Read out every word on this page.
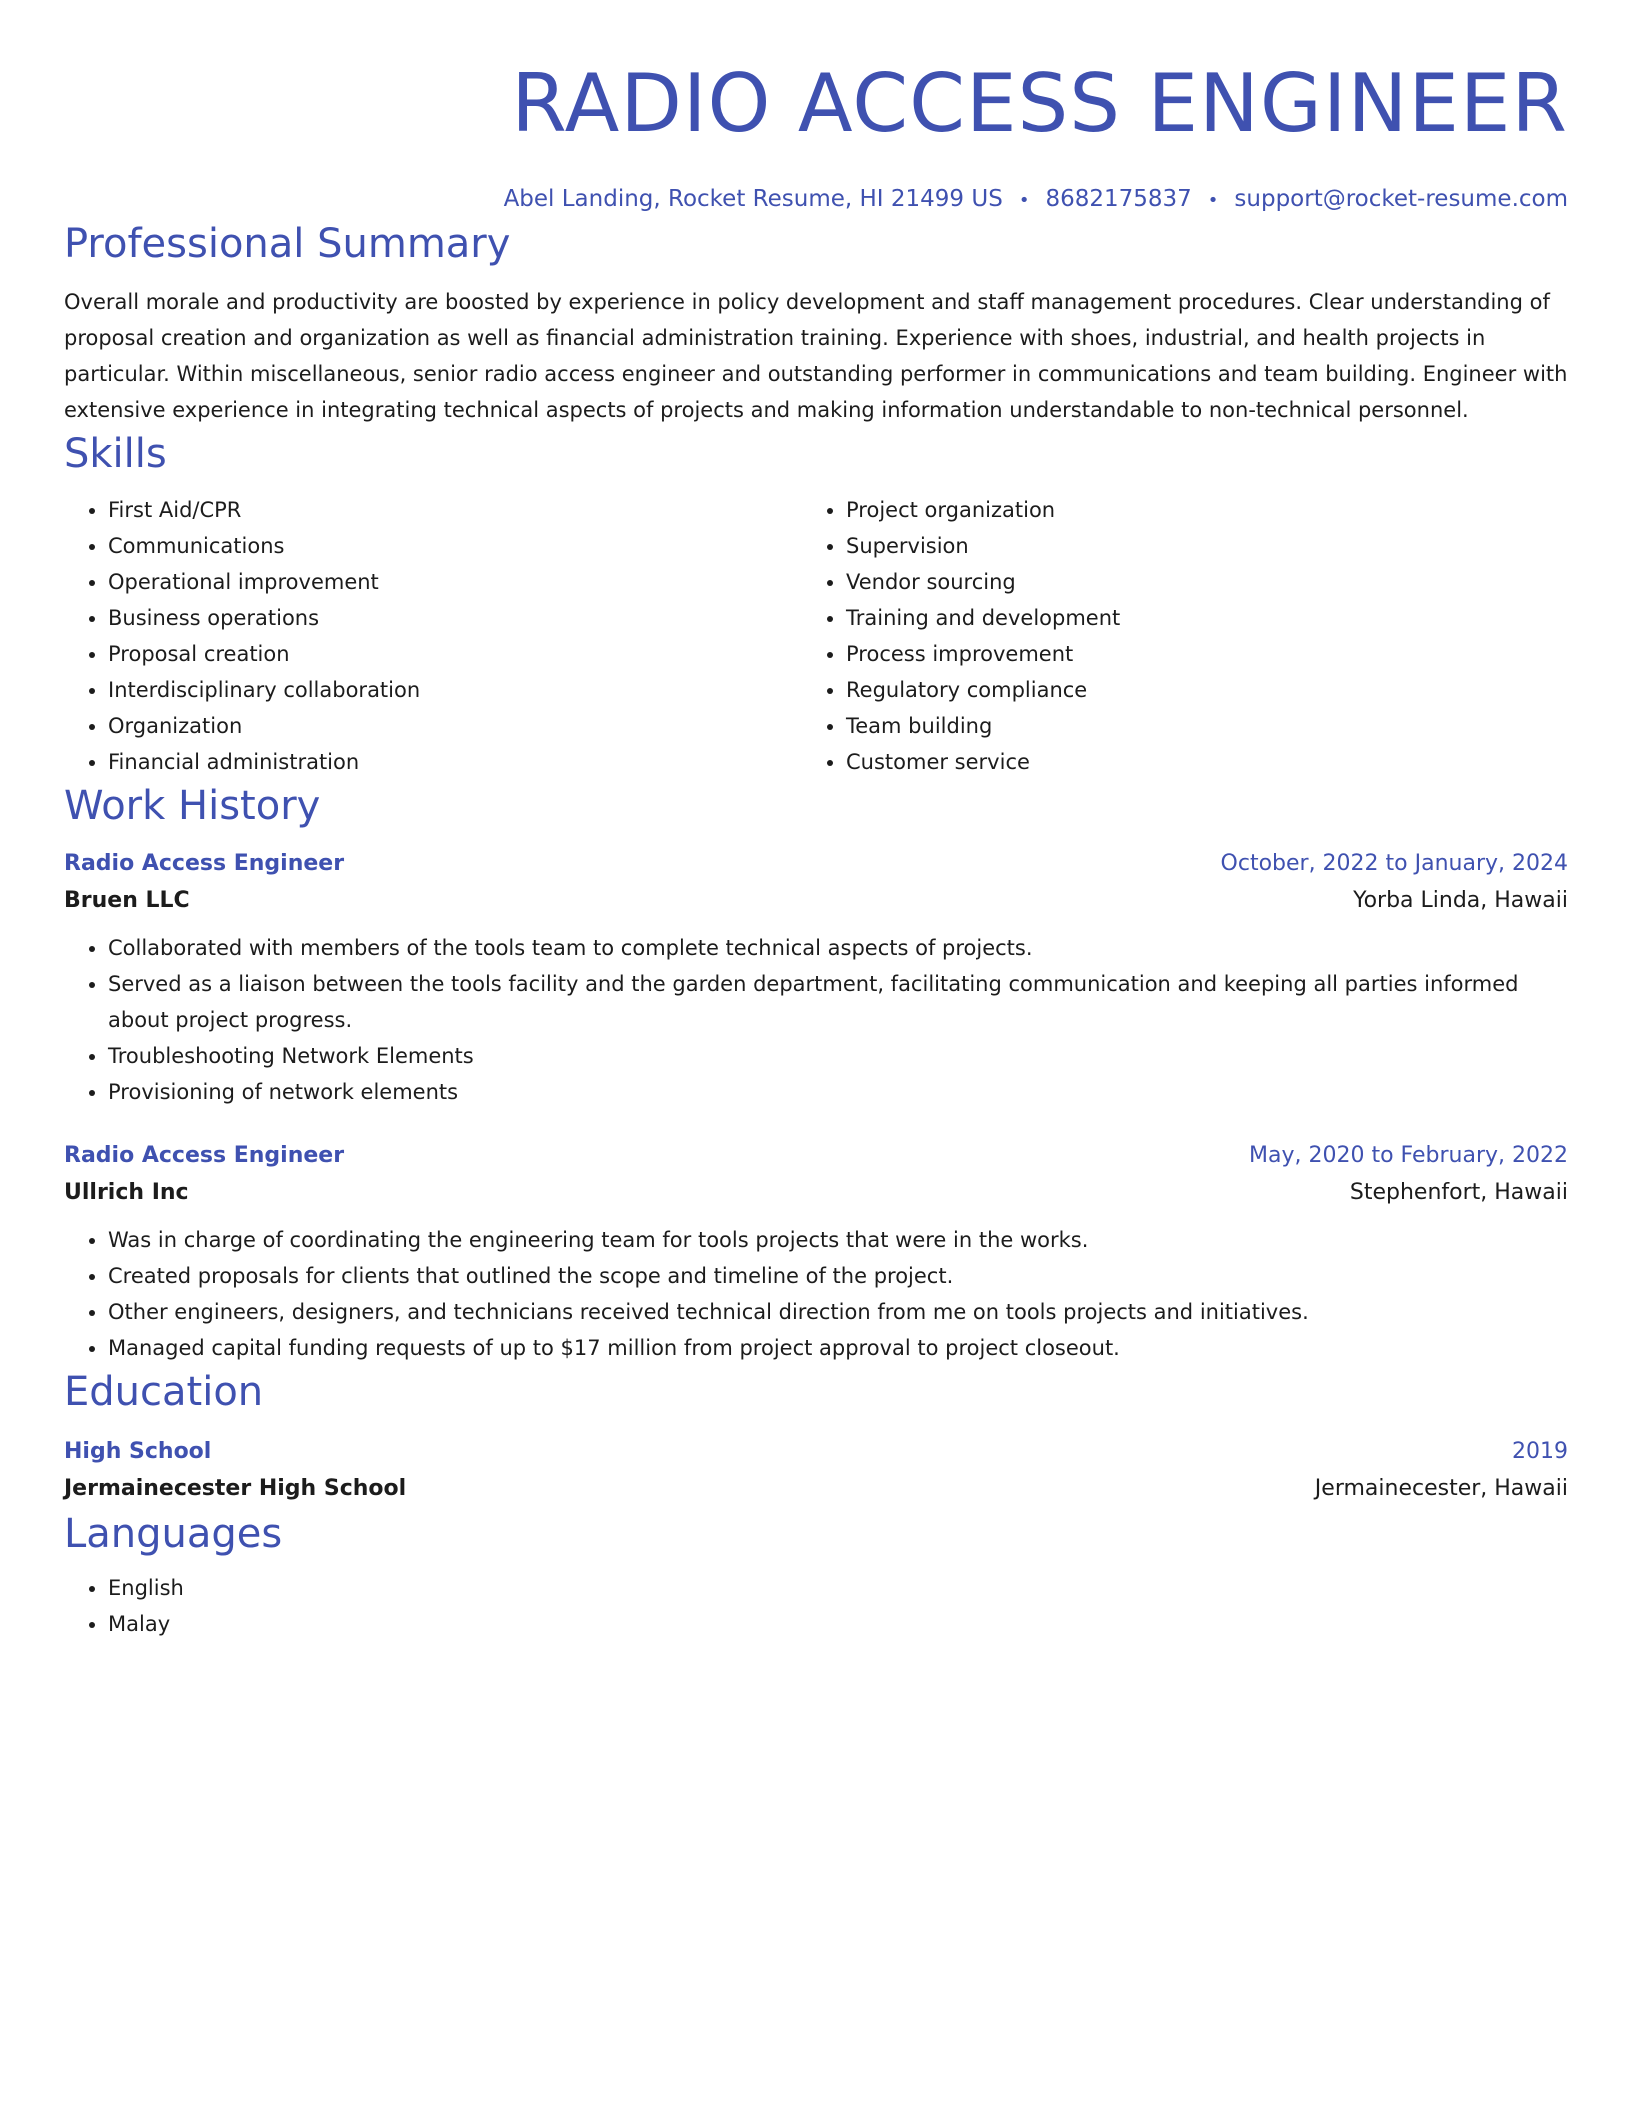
RADIO ACCESS ENGINEER
Abel Landing, Rocket Resume, HI 21499 US • 8682175837 • support@rocket-resume.com
Professional Summary
Overall morale and productivity are boosted by experience in policy development and staff management procedures. Clear understanding of proposal creation and organization as well as financial administration training. Experience with shoes, industrial, and health projects in particular. Within miscellaneous, senior radio access engineer and outstanding performer in communications and team building. Engineer with extensive experience in integrating technical aspects of projects and making information understandable to non-technical personnel.
Skills
• First Aid/CPR
• Communications
• Operational improvement
• Business operations
• Proposal creation
• Interdisciplinary collaboration
• Organization
• Financial administration
• Project organization
• Supervision
• Vendor sourcing
• Training and development
• Process improvement
• Regulatory compliance
• Team building
• Customer service
Work History
Radio Access Engineer	October, 2022 to January, 2024
Bruen LLC	Yorba Linda, Hawaii
• Collaborated with members of the tools team to complete technical aspects of projects.
• Served as a liaison between the tools facility and the garden department, facilitating communication and keeping all parties informed about project progress.
• Troubleshooting Network Elements
• Provisioning of network elements
Radio Access Engineer	May, 2020 to February, 2022
Ullrich Inc	Stephenfort, Hawaii
• Was in charge of coordinating the engineering team for tools projects that were in the works.
• Created proposals for clients that outlined the scope and timeline of the project.
• Other engineers, designers, and technicians received technical direction from me on tools projects and initiatives.
• Managed capital funding requests of up to $17 million from project approval to project closeout.
Education
High School	2019
Jermainecester High School	Jermainecester, Hawaii
Languages
• English
• Malay
